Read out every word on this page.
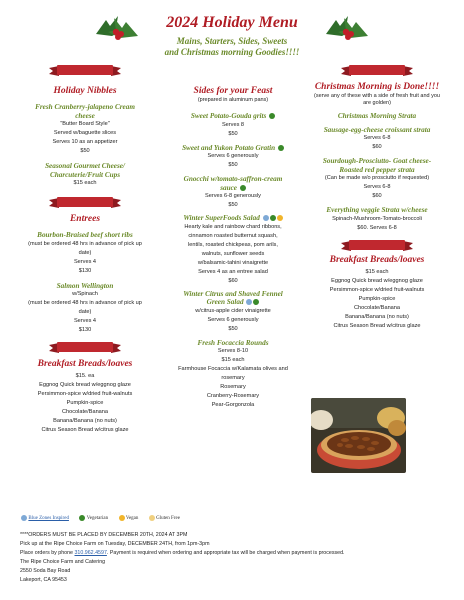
2024 Holiday Menu
Mains, Starters, Sides, Sweets
and Christmas morning Goodies!!!!
Holiday Nibbles
Fresh Cranberry-jalapeno Cream
cheese
"Butter Board Style"
Served w/baguette slices
Serves 10 as an appetizer
$50
Seasonal Gourmet Cheese/
Charcuterie/Fruit Cups
$15 each
Entrees
Bourbon-Braised beef short ribs
(must be ordered 48 hrs in advance of pick up
date)
Serves 4
$130
Salmon Wellington
w/Spinach
(must be ordered 48 hrs in advance of pick up
date)
Serves 4
$130
Breakfast Breads/loaves
$15. ea
Eggnog Quick bread w/eggnog glaze
Persimmon-spice w/dried fruit-walnuts
Pumpkin-spice
Chocolate/Banana
Banana/Banana (no nuts)
Citrus Season Bread w/citrus glaze
Sides for your Feast
(prepared in aluminum pans)
Sweet Potato-Gouda grits
Serves 8
$50
Sweet and Yukon Potato Gratin
Serves 6 generously
$50
Gnocchi w/tomato-saffron-cream
sauce
Serves 6-8 generously
$50
Winter SuperFoods Salad
Hearty kale and rainbow chard ribbons,
cinnamon roasted butternut squash,
lentils, roasted chickpeas, pom arils,
walnuts, sunflower seeds
w/balsamic-tahini vinaigrette
Serves 4 as an entree salad
$60
Winter Citrus and Shaved Fennel
Green Salad
w/citrus-apple cider vinaigrette
Serves 6 generously
$50
Fresh Focaccia Rounds
Serves 8-10
$15 each
Farmhouse Focaccia w/Kalamata olives and
rosemary
Rosemary
Cranberry-Rosemary
Pear-Gorgonzola
Christmas Morning is Done!!!!
(serve any of these with a side of fresh fruit and you
are golden)
Christmas Morning Strata
Sausage-egg-cheese croissant strata
Serves 6-8
$60
Sourdough-Prosciutto- Goat cheese-
Roasted red pepper strata
(Can be made w/o prosciutto if requested)
Serves 6-8
$60
Everything veggie Strata w/cheese
Spinach-Mushroom-Tomato-broccoli
$60. Serves 6-8
Breakfast Breads/loaves
$15 each
Eggnog Quick bread w/eggnog glaze
Persimmon-spice w/dried fruit-walnuts
Pumpkin-spice
Chocolate/Banana
Banana/Banana (no nuts)
Citrus Season Bread w/citrus glaze
Blue Zones Inspired	Vegetarian	Vegan	Gluten Free
****ORDERS MUST BE PLACED BY DECEMBER 20TH, 2024 AT 3PM
Pick up at the Ripe Choice Farm on Tuesday, DECEMBER 24TH, from 1pm-3pm
Place orders by phone 310.962.4597. Payment is required when ordering and appropriate tax will be charged when payment is processed.
The Ripe Choice Farm and Catering
2550 Soda Bay Road
Lakeport, CA 95453
